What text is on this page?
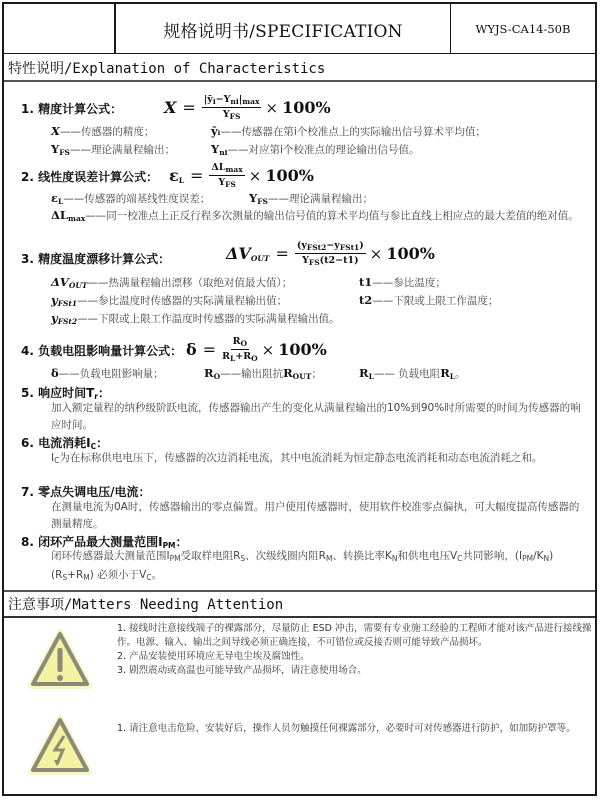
规格说明书/SPECIFICATION	WYJS-CA14-50B
特性说明/Explanation of Characteristics
1. 精度计算公式：	$X = \frac{|ȳ_i-Y_{ni}|_{max}}{Y_{FS}} \times 100\%$
X——传感器的精度；	ȳᵢ——传感器在第i个校准点上的实际输出信号算术平均值；
$Y_{FS}——$理论满量程输出；	$Y_{ni}——$对应第i个校准点的理论输出信号值。
2. 线性度误差计算公式： $\varepsilon_L = \frac{\Delta L_{max}}{Y_{FS}} \times 100\%$
$\varepsilon_L——$传感器的端基线性度误差；	$Y_{FS}——$理论满量程输出；
$\Delta L_{max}——$同一校准点上正反行程多次测量的输出信号值的算术平均值与参比直线上相应点的最大差值的绝对值。
3. 精度温度漂移计算公式：	$\Delta V_{OUT} = \frac{(y_{FSt2}-y_{FSt1})}{Y_{FS}(t2-t1)} \times 100\%$
$\Delta V_{OUT}——$热满量程输出漂移（取绝对值最大值）；	t1——参比温度；
$y_{FSt1}——$参比温度时传感器的实际满量程输出值；	t2——下限或上限工作温度；
$y_{FSt2}——$下限或上限工作温度时传感器的实际满量程输出值。
4. 负载电阻影响量计算公式： $\delta = \frac{R_O}{R_L+R_O} \times 100\%$
δ——负载电阻影响量；	$R_O——$输出阻抗$R_{OUT}$；	$R_L——$ 负载电阻$R_L$。
5. 响应时间$T_r$：
加入额定量程的纳秒级阶跃电流，传感器输出产生的变化从满量程输出的10%到90%时所需要的时间为传感器的响应时间。
6. 电流消耗$I_C$：
$I_C$为在标称供电电压下，传感器的次边消耗电流，其中电流消耗为恒定静态电流消耗和动态电流消耗之和。
7. 零点失调电压/电流：
在测量电流为0A时，传感器输出的零点偏置。用户使用传感器时，使用软件校准零点偏执，可大幅度提高传感器的测量精度。
8. 闭环产品最大测量范围$I_{PM}$：
闭环传感器最大测量范围$I_{PM}$受取样电阻$R_S$、次级线圈内阻$R_M$、转换比率$K_N$和供电电压$V_C$共同影响，$(I_{PM}/K_N)(R_S+R_M)$ 必须小于$V_C$。
注意事项/Matters Needing Attention
1. 接线时注意接线端子的裸露部分，尽量防止 ESD 冲击，需要有专业施工经验的工程师才能对该产品进行接线操作。电源、输入、输出之间导线必须正确连接，不可错位或反接否则可能导致产品损坏。
2. 产品安装使用环境应无导电尘埃及腐蚀性。
3. 剧烈震动或高温也可能导致产品损坏，请注意使用场合。
1. 请注意电击危险，安装好后，操作人员勿触摸任何裸露部分，必要时可对传感器进行防护，如加防护罩等。
